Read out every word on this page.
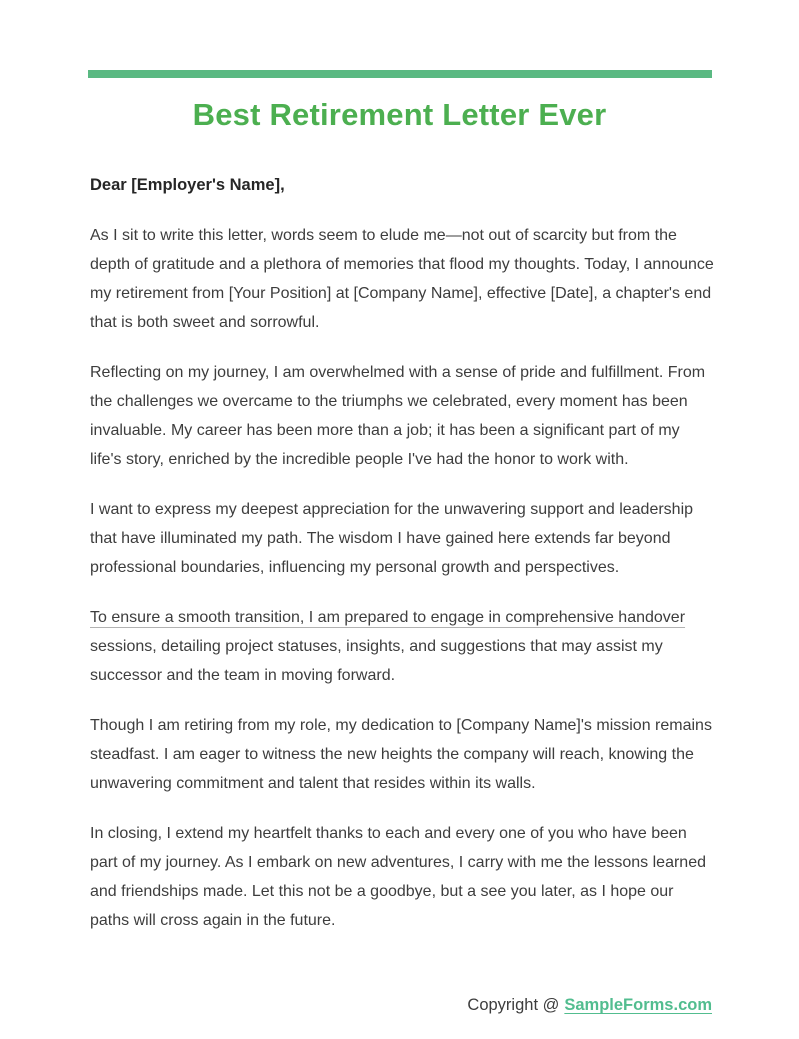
Best Retirement Letter Ever

Dear [Employer's Name],

As I sit to write this letter, words seem to elude me—not out of scarcity but from the depth of gratitude and a plethora of memories that flood my thoughts. Today, I announce my retirement from [Your Position] at [Company Name], effective [Date], a chapter's end that is both sweet and sorrowful.

Reflecting on my journey, I am overwhelmed with a sense of pride and fulfillment. From the challenges we overcame to the triumphs we celebrated, every moment has been invaluable. My career has been more than a job; it has been a significant part of my life's story, enriched by the incredible people I've had the honor to work with.

I want to express my deepest appreciation for the unwavering support and leadership that have illuminated my path. The wisdom I have gained here extends far beyond professional boundaries, influencing my personal growth and perspectives.

To ensure a smooth transition, I am prepared to engage in comprehensive handover sessions, detailing project statuses, insights, and suggestions that may assist my successor and the team in moving forward.

Though I am retiring from my role, my dedication to [Company Name]'s mission remains steadfast. I am eager to witness the new heights the company will reach, knowing the unwavering commitment and talent that resides within its walls.

In closing, I extend my heartfelt thanks to each and every one of you who have been part of my journey. As I embark on new adventures, I carry with me the lessons learned and friendships made. Let this not be a goodbye, but a see you later, as I hope our paths will cross again in the future.

Copyright @ SampleForms.com
